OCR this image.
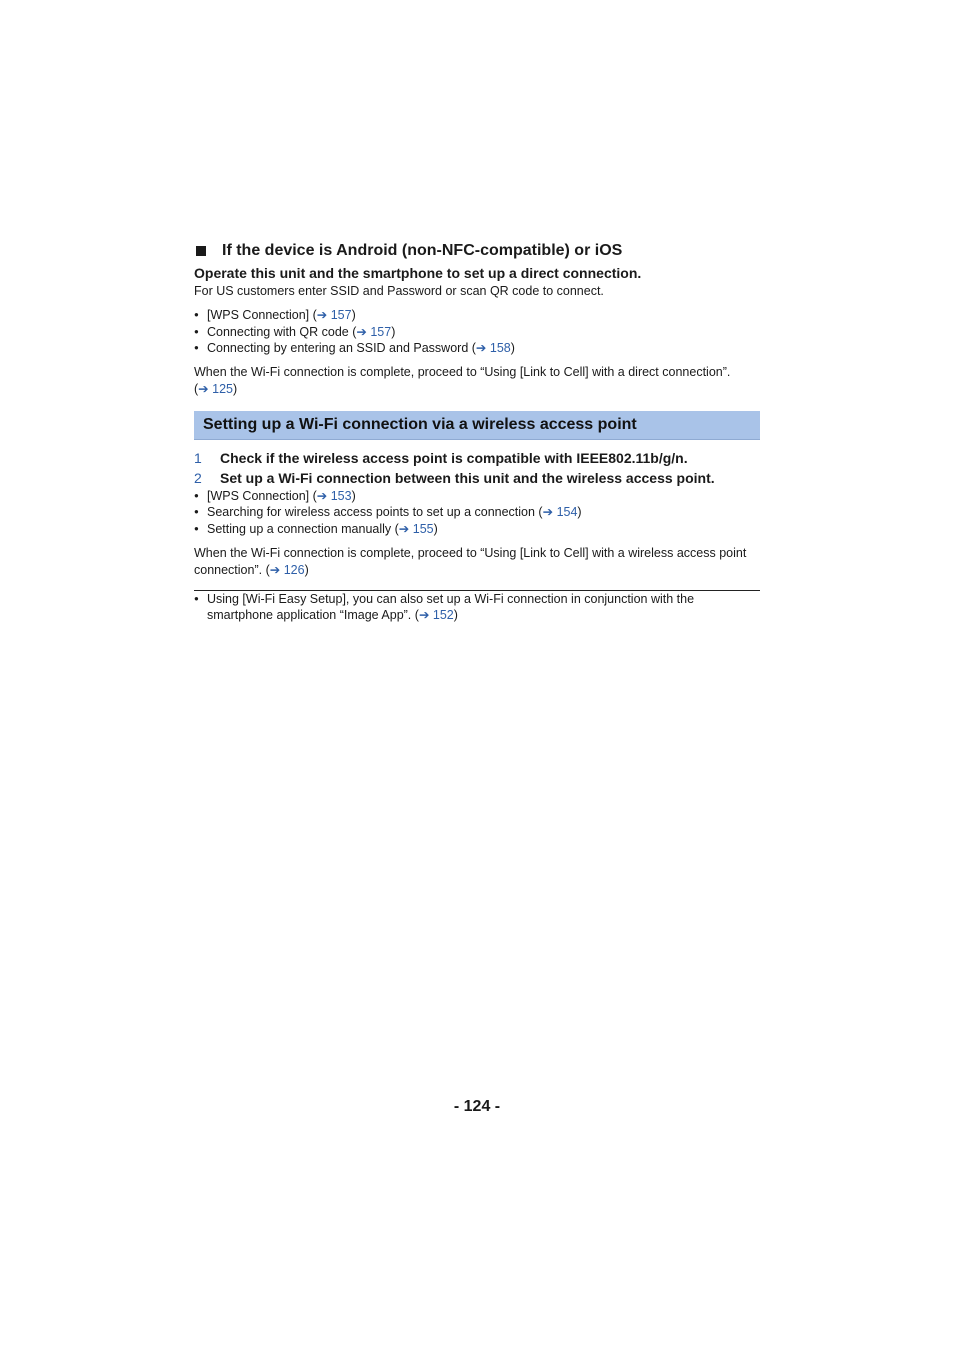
If the device is Android (non-NFC-compatible) or iOS
Operate this unit and the smartphone to set up a direct connection.
For US customers enter SSID and Password or scan QR code to connect.
● [WPS Connection] (➔ 157)
● Connecting with QR code (➔ 157)
● Connecting by entering an SSID and Password (➔ 158)
When the Wi-Fi connection is complete, proceed to “Using [Link to Cell] with a direct connection”.
(➔ 125)
Setting up a Wi-Fi connection via a wireless access point
1	Check if the wireless access point is compatible with IEEE802.11b/g/n.
2	Set up a Wi-Fi connection between this unit and the wireless access point.
● [WPS Connection] (➔ 153)
● Searching for wireless access points to set up a connection (➔ 154)
● Setting up a connection manually (➔ 155)
When the Wi-Fi connection is complete, proceed to “Using [Link to Cell] with a wireless access point connection”. (➔ 126)
● Using [Wi-Fi Easy Setup], you can also set up a Wi-Fi connection in conjunction with the smartphone application “Image App”. (➔ 152)
- 124 -
